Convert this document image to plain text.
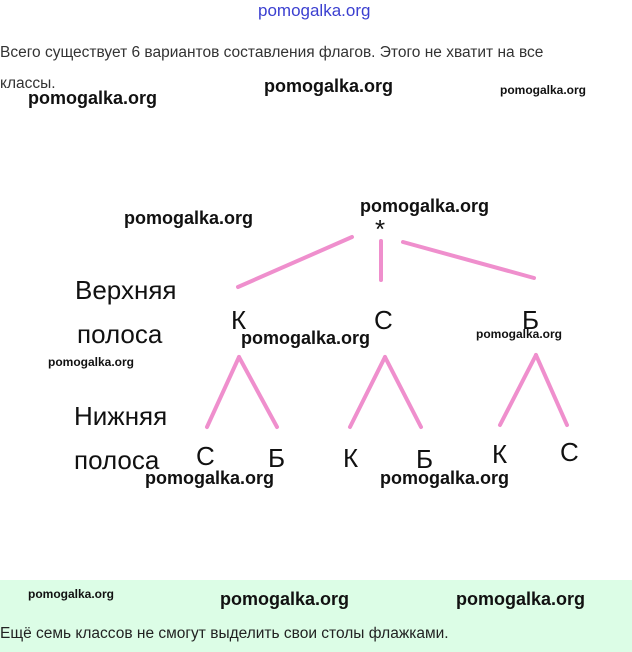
pomogalka.org
Всего существует 6 вариантов составления флагов. Этого не хватит на все
классы.
*
Верхняя
полоса
Нижняя
полоса
К	С	Б
С Б К Б К С
Ещё семь классов не смогут выделить свои столы флажками.
pomogalka.org
pomogalka.org	pomogalka.org
pomogalka.org
pomogalka.org
pomogalka.org	pomogalka.org
pomogalka.org
pomogalka.org	pomogalka.org
pomogalka.org	pomogalka.org	pomogalka.org
